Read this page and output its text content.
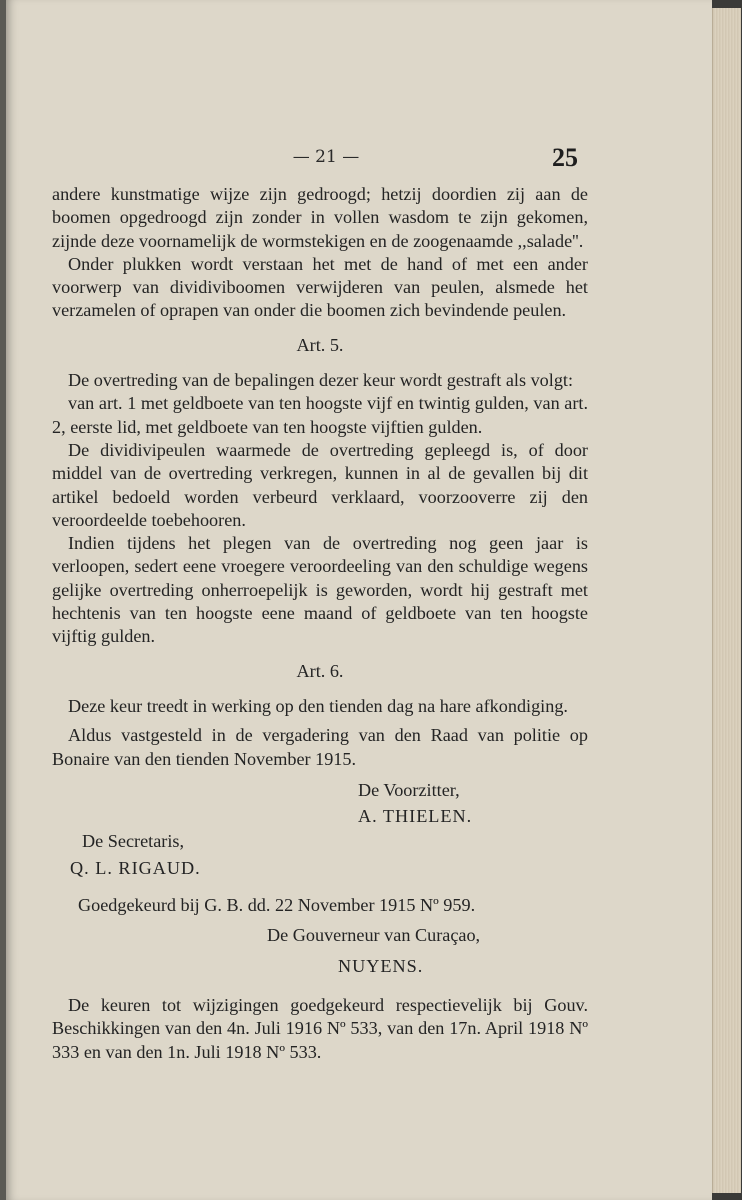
— 21 —	25

andere kunstmatige wijze zijn gedroogd; hetzij doordien zij aan de boomen opgedroogd zijn zonder in vollen wasdom te zijn gekomen, zijnde deze voornamelijk de wormstekigen en de zoogenaamde ,,salade''.

Onder plukken wordt verstaan het met de hand of met een ander voorwerp van dividiviboomen verwijderen van peulen, alsmede het verzamelen of oprapen van onder die boomen zich bevindende peulen.

Art. 5.

De overtreding van de bepalingen dezer keur wordt gestraft als volgt:

van art. 1 met geldboete van ten hoogste vijf en twintig gulden, van art. 2, eerste lid, met geldboete van ten hoogste vijftien gulden.

De dividivipeulen waarmede de overtreding gepleegd is, of door middel van de overtreding verkregen, kunnen in al de gevallen bij dit artikel bedoeld worden verbeurd verklaard, voorzooverre zij den veroordeelde toebehooren.

Indien tijdens het plegen van de overtreding nog geen jaar is verloopen, sedert eene vroegere veroordeeling van den schuldige wegens gelijke overtreding onherroepelijk is geworden, wordt hij gestraft met hechtenis van ten hoogste eene maand of geldboete van ten hoogste vijftig gulden.

Art. 6.

Deze keur treedt in werking op den tienden dag na hare afkondiging.

Aldus vastgesteld in de vergadering van den Raad van politie op Bonaire van den tienden November 1915.

De Voorzitter,
A. THIELEN.
De Secretaris,
Q. L. RIGAUD.

Goedgekeurd bij G. B. dd. 22 November 1915 Nº 959.

De Gouverneur van Curaçao,
NUYENS.

De keuren tot wijzigingen goedgekeurd respectievelijk bij Gouv. Beschikkingen van den 4n. Juli 1916 Nº 533, van den 17n. April 1918 Nº 333 en van den 1n. Juli 1918 Nº 533.
